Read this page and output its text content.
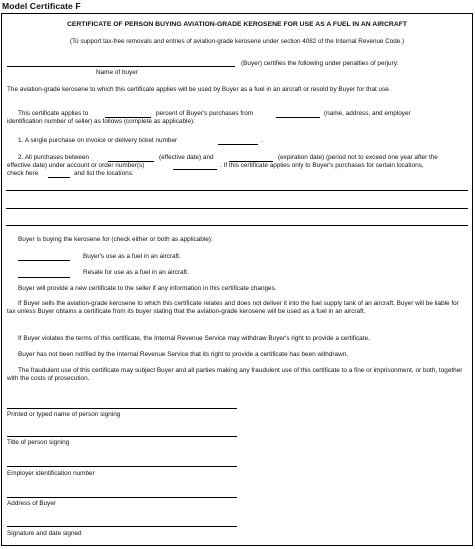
Model Certificate F
CERTIFICATE OF PERSON BUYING AVIATION-GRADE KEROSENE FOR USE AS A FUEL IN AN AIRCRAFT
(To support tax-free removals and entries of aviation-grade kerosene under section 4082 of the Internal Revenue Code.)
(Buyer) certifies the following under penalties of perjury:
Name of buyer
The aviation-grade kerosene to which this certificate applies will be used by Buyer as a fuel in an aircraft or resold by Buyer for that use.
This certificate applies to	percent of Buyer's purchases from	(name, address, and employer
identification number of seller) as follows (complete as applicable):
1. A single purchase on invoice or delivery ticket number	.
2. All purchases between	(effective date) and	(expiration date) (period not to exceed one year after the
effective date) under account or order number(s)	. If this certificate applies only to Buyer's purchases for certain locations,
check here	and list the locations.
Buyer is buying the kerosene for (check either or both as applicable):
Buyer's use as a fuel in an aircraft.
Resale for use as a fuel in an aircraft.
Buyer will provide a new certificate to the seller if any information in this certificate changes.
If Buyer sells the aviation-grade kerosene to which this certificate relates and does not deliver it into the fuel supply tank of an aircraft, Buyer will be liable for tax unless Buyer obtains a certificate from its buyer stating that the aviation-grade kerosene will be used as a fuel in an aircraft.
If Buyer violates the terms of this certificate, the Internal Revenue Service may withdraw Buyer's right to provide a certificate.
Buyer has not been notified by the Internal Revenue Service that its right to provide a certificate has been withdrawn.
The fraudulent use of this certificate may subject Buyer and all parties making any fraudulent use of this certificate to a fine or imprisonment, or both, together with the costs of prosecution.
Printed or typed name of person signing
Title of person signing
Employer identification number
Address of Buyer
Signature and date signed
